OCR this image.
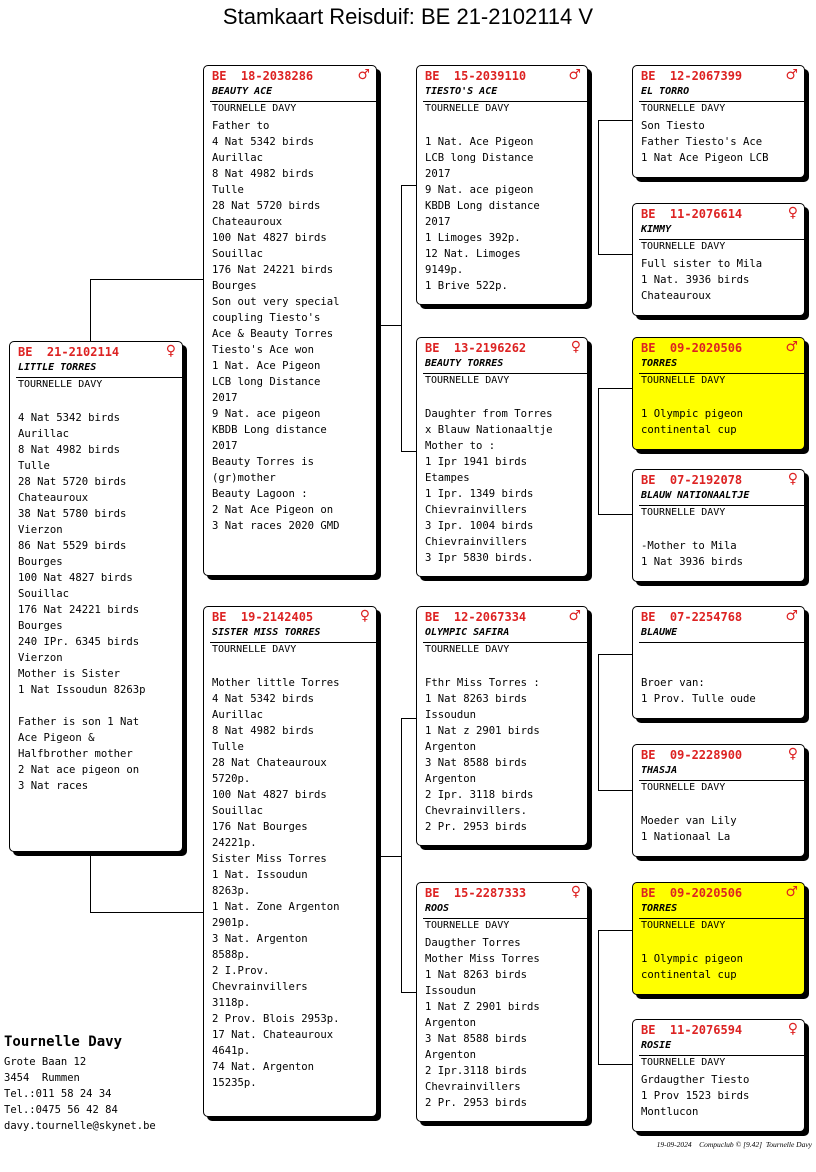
Stamkaart Reisduif: BE 21-2102114 V
BE  21-2102114	♀
LITTLE TORRES
TOURNELLE DAVY

4 Nat 5342 birds
Aurillac
8 Nat 4982 birds
Tulle
28 Nat 5720 birds
Chateauroux
38 Nat 5780 birds
Vierzon
86 Nat 5529 birds
Bourges
100 Nat 4827 birds
Souillac
176 Nat 24221 birds
Bourges
240 IPr. 6345 birds
Vierzon
Mother is Sister
1 Nat Issoudun 8263p

Father is son 1 Nat
Ace Pigeon &
Halfbrother mother
2 Nat ace pigeon on
3 Nat races
BE  18-2038286	♂
BEAUTY ACE
TOURNELLE DAVY
Father to
4 Nat 5342 birds
Aurillac
8 Nat 4982 birds
Tulle
28 Nat 5720 birds
Chateauroux
100 Nat 4827 birds
Souillac
176 Nat 24221 birds
Bourges
Son out very special
coupling Tiesto's
Ace & Beauty Torres
Tiesto's Ace won
1 Nat. Ace Pigeon
LCB long Distance
2017
9 Nat. ace pigeon
KBDB Long distance
2017
Beauty Torres is
(gr)mother
Beauty Lagoon :
2 Nat Ace Pigeon on
3 Nat races 2020 GMD
BE  19-2142405	♀
SISTER MISS TORRES
TOURNELLE DAVY

Mother little Torres
4 Nat 5342 birds
Aurillac
8 Nat 4982 birds
Tulle
28 Nat Chateauroux
5720p.
100 Nat 4827 birds
Souillac
176 Nat Bourges
24221p.
Sister Miss Torres
1 Nat. Issoudun
8263p.
1 Nat. Zone Argenton
2901p.
3 Nat. Argenton
8588p.
2 I.Prov.
Chevrainvillers
3118p.
2 Prov. Blois 2953p.
17 Nat. Chateauroux
4641p.
74 Nat. Argenton
15235p.
BE  15-2039110	♂
TIESTO'S ACE
TOURNELLE DAVY

1 Nat. Ace Pigeon
LCB long Distance
2017
9 Nat. ace pigeon
KBDB Long distance
2017
1 Limoges 392p.
12 Nat. Limoges
9149p.
1 Brive 522p.
BE  13-2196262	♀
BEAUTY TORRES
TOURNELLE DAVY

Daughter from Torres
x Blauw Nationaaltje
Mother to :
1 Ipr 1941 birds
Etampes
1 Ipr. 1349 birds
Chievrainvillers
3 Ipr. 1004 birds
Chievrainvillers
3 Ipr 5830 birds.
BE  12-2067334	♂
OLYMPIC SAFIRA
TOURNELLE DAVY

Fthr Miss Torres :
1 Nat 8263 birds
Issoudun
1 Nat z 2901 birds
Argenton
3 Nat 8588 birds
Argenton
2 Ipr. 3118 birds
Chevrainvillers.
2 Pr. 2953 birds
BE  15-2287333	♀
ROOS
TOURNELLE DAVY
Daugther Torres
Mother Miss Torres
1 Nat 8263 birds
Issoudun
1 Nat Z 2901 birds
Argenton
3 Nat 8588 birds
Argenton
2 Ipr.3118 birds
Chevrainvillers
2 Pr. 2953 birds
BE  12-2067399	♂
EL TORRO
TOURNELLE DAVY
Son Tiesto
Father Tiesto's Ace
1 Nat Ace Pigeon LCB
BE  11-2076614	♀
KIMMY
TOURNELLE DAVY
Full sister to Mila
1 Nat. 3936 birds
Chateauroux
BE  09-2020506	♂
TORRES
TOURNELLE DAVY

1 Olympic pigeon
continental cup
BE  07-2192078	♀
BLAUW NATIONAALTJE
TOURNELLE DAVY

-Mother to Mila
1 Nat 3936 birds
BE  07-2254768	♂
BLAUWE

Broer van:
1 Prov. Tulle oude
BE  09-2228900	♀
THASJA
TOURNELLE DAVY

Moeder van Lily
1 Nationaal La
BE  09-2020506	♂
TORRES
TOURNELLE DAVY

1 Olympic pigeon
continental cup
BE  11-2076594	♀
ROSIE
TOURNELLE DAVY
Grdaugther Tiesto
1 Prov 1523 birds
Montlucon
Tournelle Davy
Grote Baan 12
3454  Rummen
Tel.:011 58 24 34
Tel.:0475 56 42 84
davy.tournelle@skynet.be
19-09-2024    Compuclub © [9.42]  Tournelle Davy
